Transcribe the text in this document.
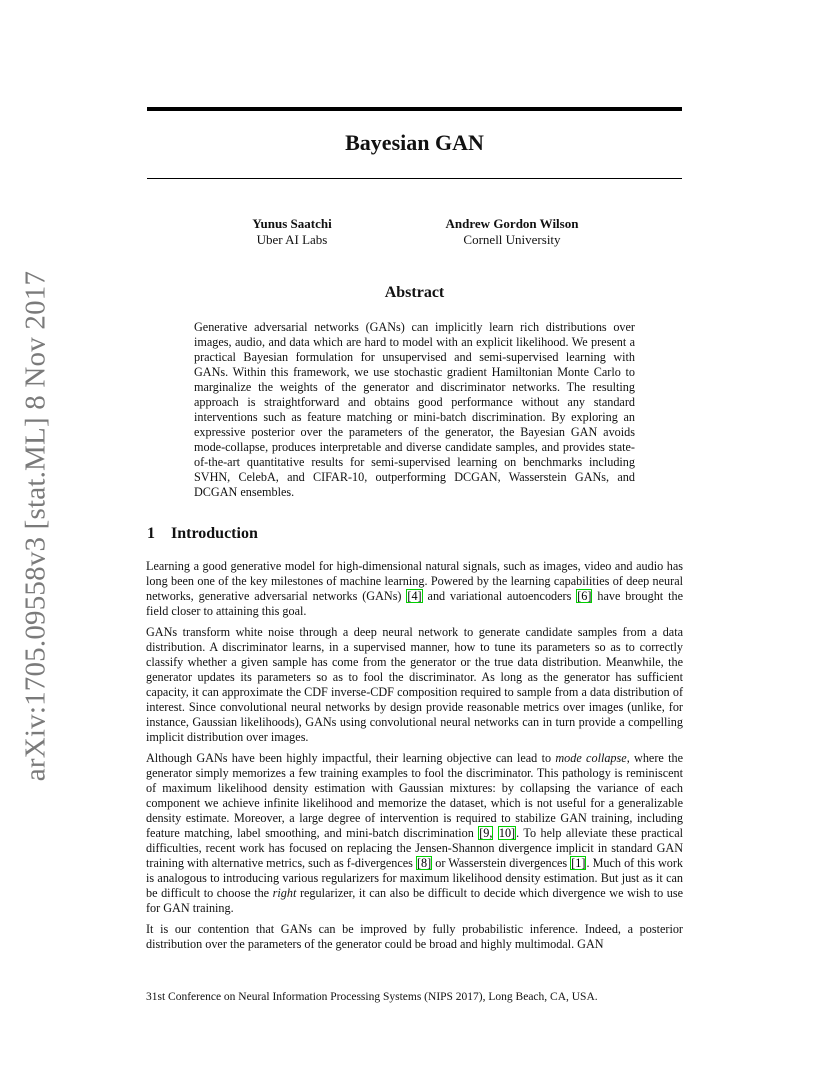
arXiv:1705.09558v3 [stat.ML] 8 Nov 2017
Bayesian GAN
Yunus Saatchi
Uber AI Labs
Andrew Gordon Wilson
Cornell University
Abstract

Generative adversarial networks (GANs) can implicitly learn rich distributions over images, audio, and data which are hard to model with an explicit likelihood. We present a practical Bayesian formulation for unsupervised and semi-supervised learning with GANs. Within this framework, we use stochastic gradient Hamiltonian Monte Carlo to marginalize the weights of the generator and discriminator networks. The resulting approach is straightforward and obtains good performance without any standard interventions such as feature matching or mini-batch discrimination. By exploring an expressive posterior over the parameters of the generator, the Bayesian GAN avoids mode-collapse, produces interpretable and diverse candidate samples, and provides state-of-the-art quantitative results for semi-supervised learning on benchmarks including SVHN, CelebA, and CIFAR-10, outperforming DCGAN, Wasserstein GANs, and DCGAN ensembles.

1 Introduction

Learning a good generative model for high-dimensional natural signals, such as images, video and audio has long been one of the key milestones of machine learning. Powered by the learning capabilities of deep neural networks, generative adversarial networks (GANs) [4] and variational autoencoders [6] have brought the field closer to attaining this goal.

GANs transform white noise through a deep neural network to generate candidate samples from a data distribution. A discriminator learns, in a supervised manner, how to tune its parameters so as to correctly classify whether a given sample has come from the generator or the true data distribution. Meanwhile, the generator updates its parameters so as to fool the discriminator. As long as the generator has sufficient capacity, it can approximate the CDF inverse-CDF composition required to sample from a data distribution of interest. Since convolutional neural networks by design provide reasonable metrics over images (unlike, for instance, Gaussian likelihoods), GANs using convolutional neural networks can in turn provide a compelling implicit distribution over images.

Although GANs have been highly impactful, their learning objective can lead to mode collapse, where the generator simply memorizes a few training examples to fool the discriminator. This pathology is reminiscent of maximum likelihood density estimation with Gaussian mixtures: by collapsing the variance of each component we achieve infinite likelihood and memorize the dataset, which is not useful for a generalizable density estimate. Moreover, a large degree of intervention is required to stabilize GAN training, including feature matching, label smoothing, and mini-batch discrimination [9, 10]. To help alleviate these practical difficulties, recent work has focused on replacing the Jensen-Shannon divergence implicit in standard GAN training with alternative metrics, such as f-divergences [8] or Wasserstein divergences [1]. Much of this work is analogous to introducing various regularizers for maximum likelihood density estimation. But just as it can be difficult to choose the right regularizer, it can also be difficult to decide which divergence we wish to use for GAN training.

It is our contention that GANs can be improved by fully probabilistic inference. Indeed, a posterior distribution over the parameters of the generator could be broad and highly multimodal. GAN

31st Conference on Neural Information Processing Systems (NIPS 2017), Long Beach, CA, USA.
